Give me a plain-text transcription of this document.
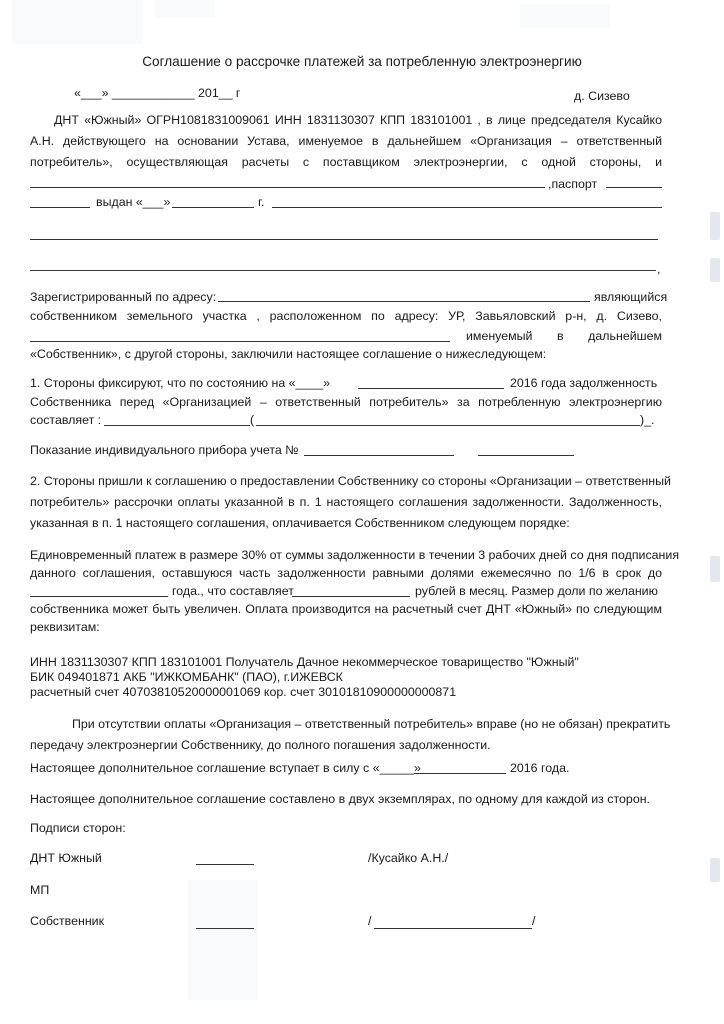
Соглашение о рассрочке платежей за потребленную электроэнергию
«___» ____________ 201__ г	д. Сизево
ДНТ «Южный» ОГРН1081831009061 ИНН 1831130307 КПП 183101001 , в лице председателя Кусайко
А.Н. действующего на основании Устава, именуемое в дальнейшем «Организация – ответственный
потребитель», осуществляющая расчеты с поставщиком электроэнергии, с одной стороны, и
,паспорт
выдан «___»	г.
,
Зарегистрированный по адресу:	являющийся
собственником земельного участка , расположенном по адресу: УР, Завьяловский р-н, д. Сизево,
именуемый в дальнейшем
«Собственник», с другой стороны, заключили настоящее соглашение о нижеследующем:
1. Стороны фиксируют, что по состоянию на «____»	2016 года задолженность
Собственника перед «Организацией – ответственный потребитель» за потребленную электроэнергию
составляет :	(	)_.
Показание индивидуального прибора учета №
2. Стороны пришли к соглашению о предоставлении Собственнику со стороны «Организации – ответственный
потребитель» рассрочки оплаты указанной в п. 1 настоящего соглашения задолженности. Задолженность,
указанная в п. 1 настоящего соглашения, оплачивается Собственником следующем порядке:
Единовременный платеж в размере 30% от суммы задолженности в течении 3 рабочих дней со дня подписания
данного соглашения, оставшуюся часть задолженности равными долями ежемесячно по 1/6 в срок до
года., что составляет	рублей в месяц. Размер доли по желанию
собственника может быть увеличен. Оплата производится на расчетный счет ДНТ «Южный» по следующим
реквизитам:
ИНН 1831130307 КПП 183101001 Получатель Дачное некоммерческое товарищество "Южный"
БИК 049401871 АКБ "ИЖКОМБАНК" (ПАО), г.ИЖЕВСК
расчетный счет 40703810520000001069 кор. счет 30101810900000000871
При отсутствии оплаты «Организация – ответственный потребитель» вправе (но не обязан) прекратить
передачу электроэнергии Собственнику, до полного погашения задолженности.
Настоящее дополнительное соглашение вступает в силу с «_____»	2016 года.
Настоящее дополнительное соглашение составлено в двух экземплярах, по одному для каждой из сторон.
Подписи сторон:
ДНТ Южный	/Кусайко А.Н./
МП
Собственник	/	/
